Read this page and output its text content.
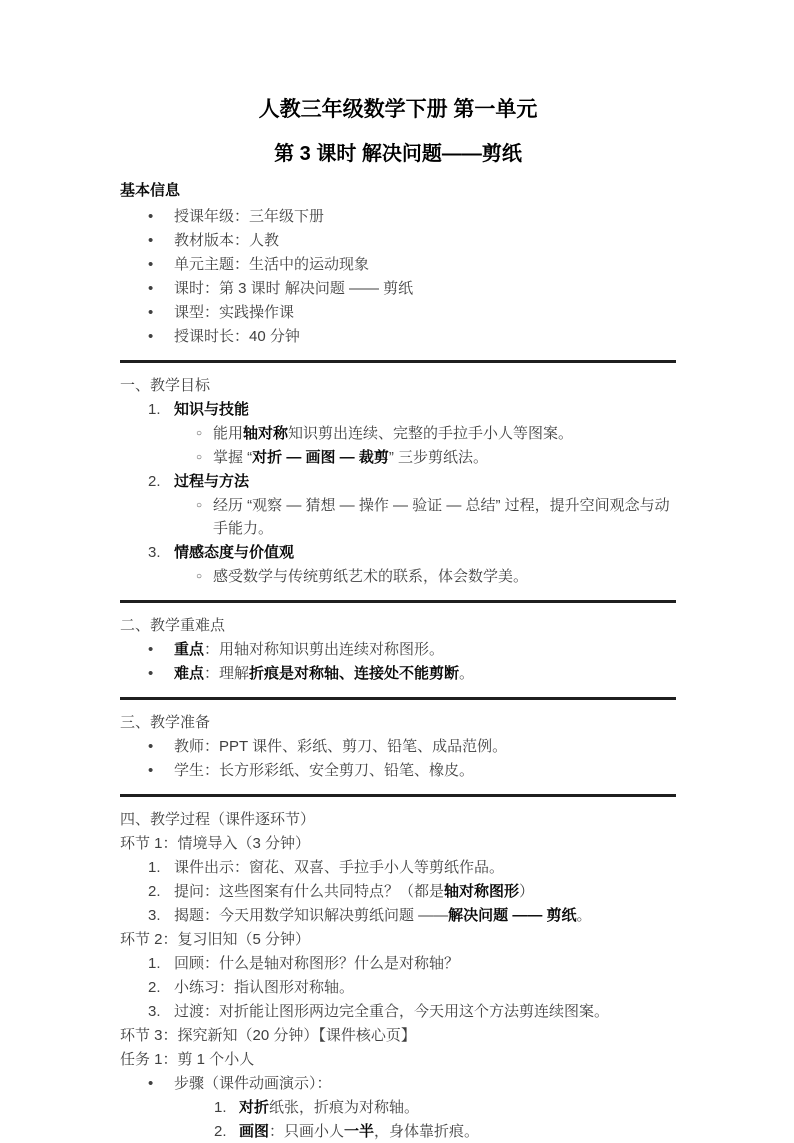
人教三年级数学下册 第一单元
第 3 课时 解决问题——剪纸
基本信息
•	授课年级：三年级下册
•	教材版本：人教
•	单元主题：生活中的运动现象
•	课时：第 3 课时 解决问题 —— 剪纸
•	课型：实践操作课
•	授课时长：40 分钟
一、教学目标
1. 知识与技能
○ 能用轴对称知识剪出连续、完整的手拉手小人等图案。
○ 掌握 “对折 — 画图 — 裁剪” 三步剪纸法。
2. 过程与方法
○ 经历 “观察 — 猜想 — 操作 — 验证 — 总结” 过程，提升空间观念与动手能力。
3. 情感态度与价值观
○ 感受数学与传统剪纸艺术的联系，体会数学美。
二、教学重难点
•	重点：用轴对称知识剪出连续对称图形。
•	难点：理解折痕是对称轴、连接处不能剪断。
三、教学准备
•	教师：PPT 课件、彩纸、剪刀、铅笔、成品范例。
•	学生：长方形彩纸、安全剪刀、铅笔、橡皮。
四、教学过程（课件逐环节）
环节 1：情境导入（3 分钟）
1. 课件出示：窗花、双喜、手拉手小人等剪纸作品。
2. 提问：这些图案有什么共同特点？（都是轴对称图形）
3. 揭题：今天用数学知识解决剪纸问题 ——解决问题 —— 剪纸。
环节 2：复习旧知（5 分钟）
1. 回顾：什么是轴对称图形？什么是对称轴？
2. 小练习：指认图形对称轴。
3. 过渡：对折能让图形两边完全重合，今天用这个方法剪连续图案。
环节 3：探究新知（20 分钟）【课件核心页】
任务 1：剪 1 个小人
•	步骤（课件动画演示）：
1. 对折纸张，折痕为对称轴。
2. 画图：只画小人一半，身体靠折痕。
